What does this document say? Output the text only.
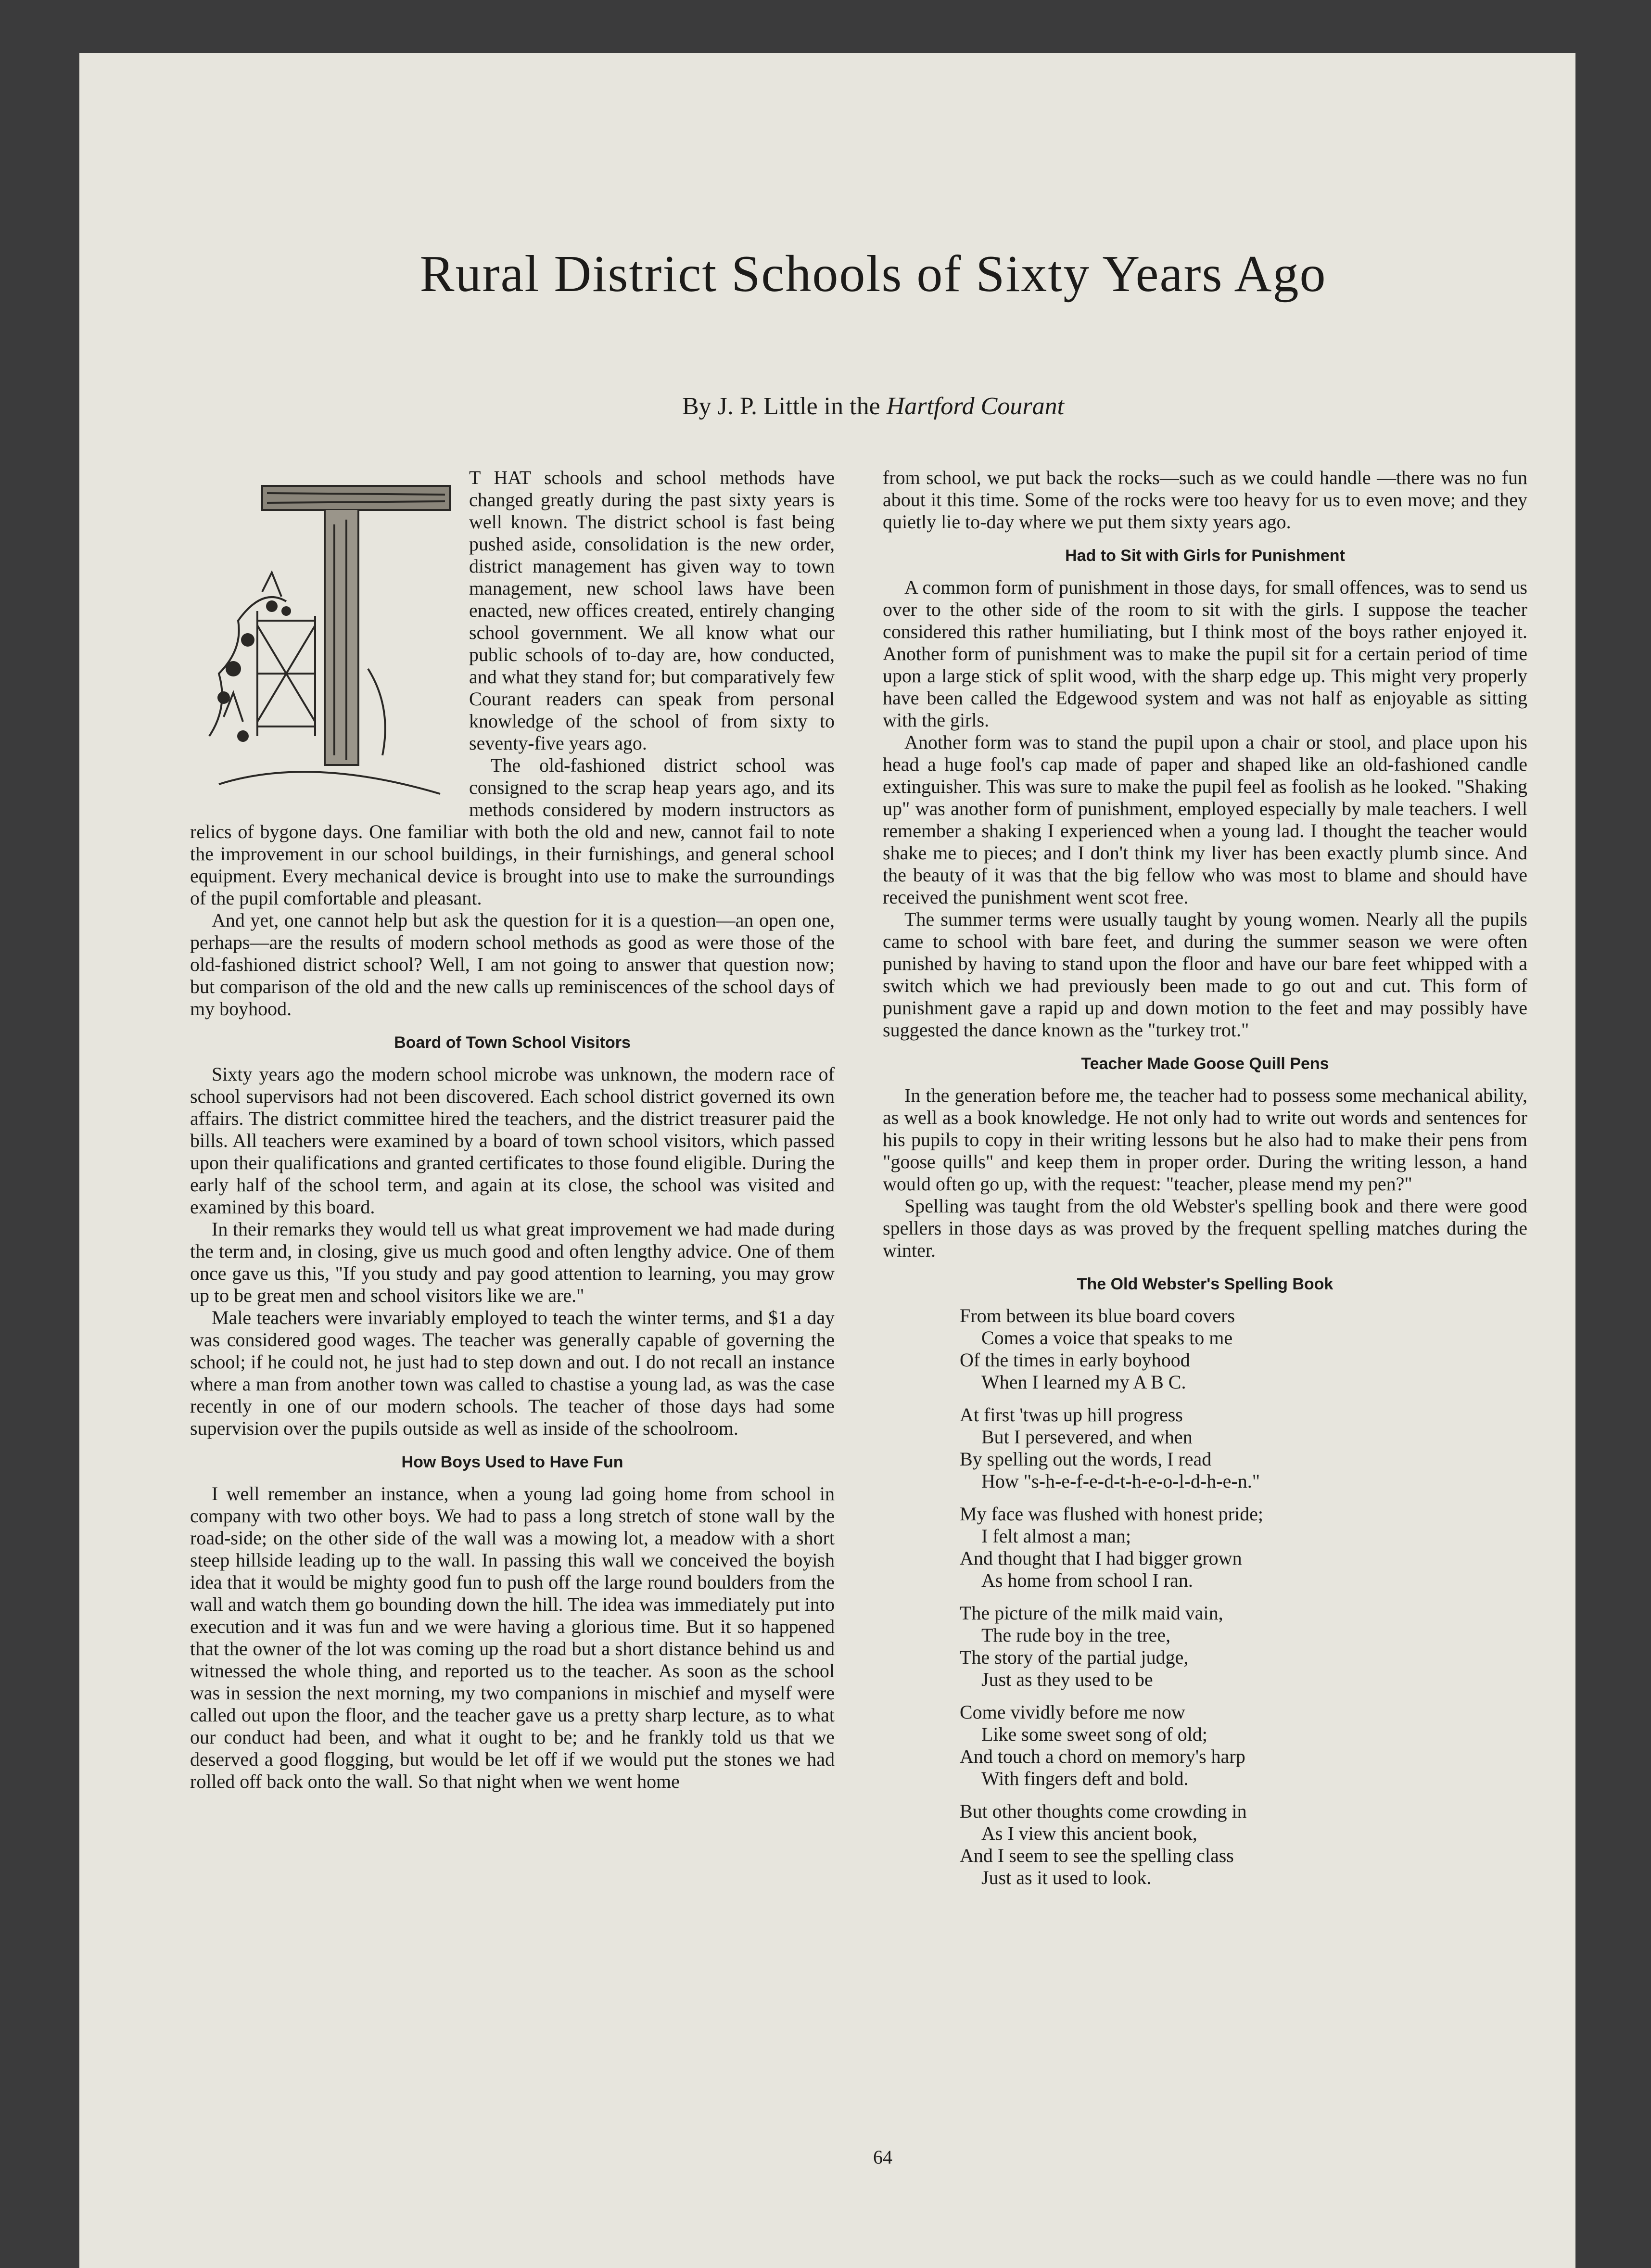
Rural District Schools of Sixty Years Ago
By J. P. Little in the Hartford Courant

T HAT schools and school methods have changed greatly during the past sixty years is well known. The district school is fast being pushed aside, consolidation is the new order, district management has given way to town management, new school laws have been enacted, new offices created, entirely changing school government. We all know what our public schools of to-day are, how conducted, and what they stand for; but comparatively few Courant readers can speak from personal knowledge of the school of from sixty to seventy-five years ago.

The old-fashioned district school was consigned to the scrap heap years ago, and its methods considered by modern instructors as relics of bygone days. One familiar with both the old and new, cannot fail to note the improvement in our school buildings, in their furnishings, and general school equipment. Every mechanical device is brought into use to make the surroundings of the pupil comfortable and pleasant.

And yet, one cannot help but ask the question for it is a question—an open one, perhaps—are the results of modern school methods as good as were those of the old-fashioned district school? Well, I am not going to answer that question now; but comparison of the old and the new calls up reminiscences of the school days of my boyhood.

Board of Town School Visitors

Sixty years ago the modern school microbe was unknown, the modern race of school supervisors had not been discovered. Each school district governed its own affairs. The district committee hired the teachers, and the district treasurer paid the bills. All teachers were examined by a board of town school visitors, which passed upon their qualifications and granted certificates to those found eligible. During the early half of the school term, and again at its close, the school was visited and examined by this board.

In their remarks they would tell us what great improvement we had made during the term and, in closing, give us much good and often lengthy advice. One of them once gave us this, "If you study and pay good attention to learning, you may grow up to be great men and school visitors like we are."

Male teachers were invariably employed to teach the winter terms, and $1 a day was considered good wages. The teacher was generally capable of governing the school; if he could not, he just had to step down and out. I do not recall an instance where a man from another town was called to chastise a young lad, as was the case recently in one of our modern schools. The teacher of those days had some supervision over the pupils outside as well as inside of the schoolroom.

How Boys Used to Have Fun

I well remember an instance, when a young lad going home from school in company with two other boys. We had to pass a long stretch of stone wall by the road-side; on the other side of the wall was a mowing lot, a meadow with a short steep hillside leading up to the wall. In passing this wall we conceived the boyish idea that it would be mighty good fun to push off the large round boulders from the wall and watch them go bounding down the hill. The idea was immediately put into execution and it was fun and we were having a glorious time. But it so happened that the owner of the lot was coming up the road but a short distance behind us and witnessed the whole thing, and reported us to the teacher. As soon as the school was in session the next morning, my two companions in mischief and myself were called out upon the floor, and the teacher gave us a pretty sharp lecture, as to what our conduct had been, and what it ought to be; and he frankly told us that we deserved a good flogging, but would be let off if we would put the stones we had rolled off back onto the wall. So that night when we went home

from school, we put back the rocks—such as we could handle —there was no fun about it this time. Some of the rocks were too heavy for us to even move; and they quietly lie to-day where we put them sixty years ago.

Had to Sit with Girls for Punishment

A common form of punishment in those days, for small offences, was to send us over to the other side of the room to sit with the girls. I suppose the teacher considered this rather humiliating, but I think most of the boys rather enjoyed it. Another form of punishment was to make the pupil sit for a certain period of time upon a large stick of split wood, with the sharp edge up. This might very properly have been called the Edgewood system and was not half as enjoyable as sitting with the girls.

Another form was to stand the pupil upon a chair or stool, and place upon his head a huge fool's cap made of paper and shaped like an old-fashioned candle extinguisher. This was sure to make the pupil feel as foolish as he looked. "Shaking up" was another form of punishment, employed especially by male teachers. I well remember a shaking I experienced when a young lad. I thought the teacher would shake me to pieces; and I don't think my liver has been exactly plumb since. And the beauty of it was that the big fellow who was most to blame and should have received the punishment went scot free.

The summer terms were usually taught by young women. Nearly all the pupils came to school with bare feet, and during the summer season we were often punished by having to stand upon the floor and have our bare feet whipped with a switch which we had previously been made to go out and cut. This form of punishment gave a rapid up and down motion to the feet and may possibly have suggested the dance known as the "turkey trot."

Teacher Made Goose Quill Pens

In the generation before me, the teacher had to possess some mechanical ability, as well as a book knowledge. He not only had to write out words and sentences for his pupils to copy in their writing lessons but he also had to make their pens from "goose quills" and keep them in proper order. During the writing lesson, a hand would often go up, with the request: "teacher, please mend my pen?"

Spelling was taught from the old Webster's spelling book and there were good spellers in those days as was proved by the frequent spelling matches during the winter.

The Old Webster's Spelling Book
From between its blue board covers
Comes a voice that speaks to me
Of the times in early boyhood
When I learned my A B C.
At first 'twas up hill progress
But I persevered, and when
By spelling out the words, I read
How "s-h-e-f-e-d-t-h-e-o-l-d-h-e-n."
My face was flushed with honest pride;
I felt almost a man;
And thought that I had bigger grown
As home from school I ran.
The picture of the milk maid vain,
The rude boy in the tree,
The story of the partial judge,
Just as they used to be
Come vividly before me now
Like some sweet song of old;
And touch a chord on memory's harp
With fingers deft and bold.
But other thoughts come crowding in
As I view this ancient book,
And I seem to see the spelling class
Just as it used to look.
64
